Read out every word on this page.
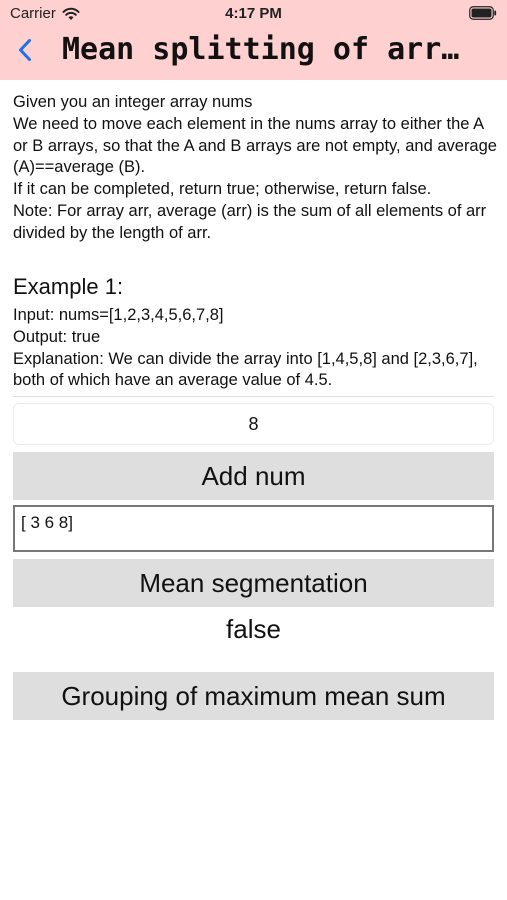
Carrier	4:17 PM
Mean splitting of arr…

Given you an integer array nums

We need to move each element in the nums array to either the A or B arrays, so that the A and B arrays are not empty, and average (A)==average (B).

If it can be completed, return true; otherwise, return false.

Note: For array arr, average (arr) is the sum of all elements of arr divided by the length of arr.

Example 1:

Input: nums=[1,2,3,4,5,6,7,8]

Output: true

Explanation: We can divide the array into [1,4,5,8] and [2,3,6,7], both of which have an average value of 4.5.

8
Add num
[ 3 6 8]
Mean segmentation
false
Grouping of maximum mean sum
